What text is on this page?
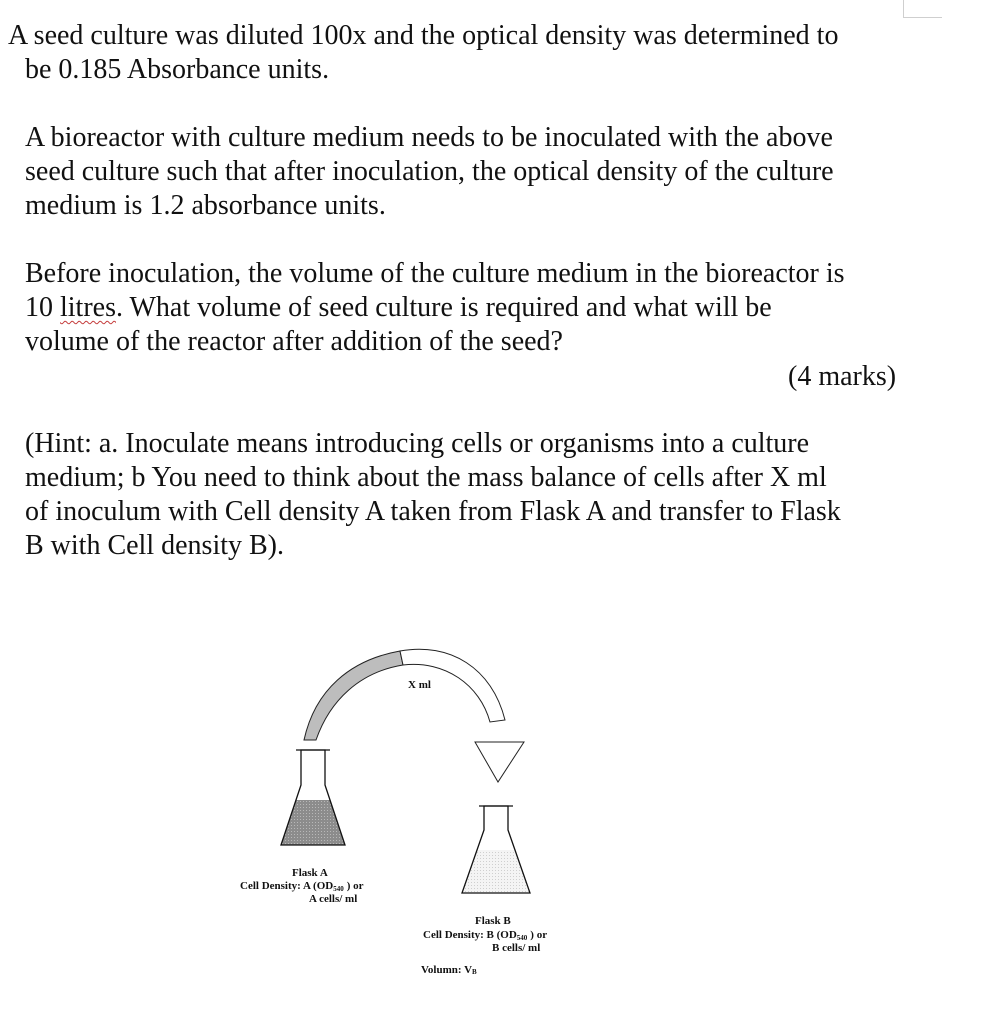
A seed culture was diluted 100x and the optical density was determined to
be 0.185 Absorbance units.
A bioreactor with culture medium needs to be inoculated with the above
seed culture such that after inoculation, the optical density of the culture
medium is 1.2 absorbance units.
Before inoculation, the volume of the culture medium in the bioreactor is
10 litres. What volume of seed culture is required and what will be
volume of the reactor after addition of the seed?
(4 marks)
(Hint: a. Inoculate means introducing cells or organisms into a culture
medium; b You need to think about the mass balance of cells after X ml
of inoculum with Cell density A taken from Flask A and transfer to Flask
B with Cell density B).
X ml
Flask A
Cell Density: A (OD540 ) or
A cells/ ml
Flask B
Cell Density: B (OD540 ) or
B cells/ ml
Volumn: VB
